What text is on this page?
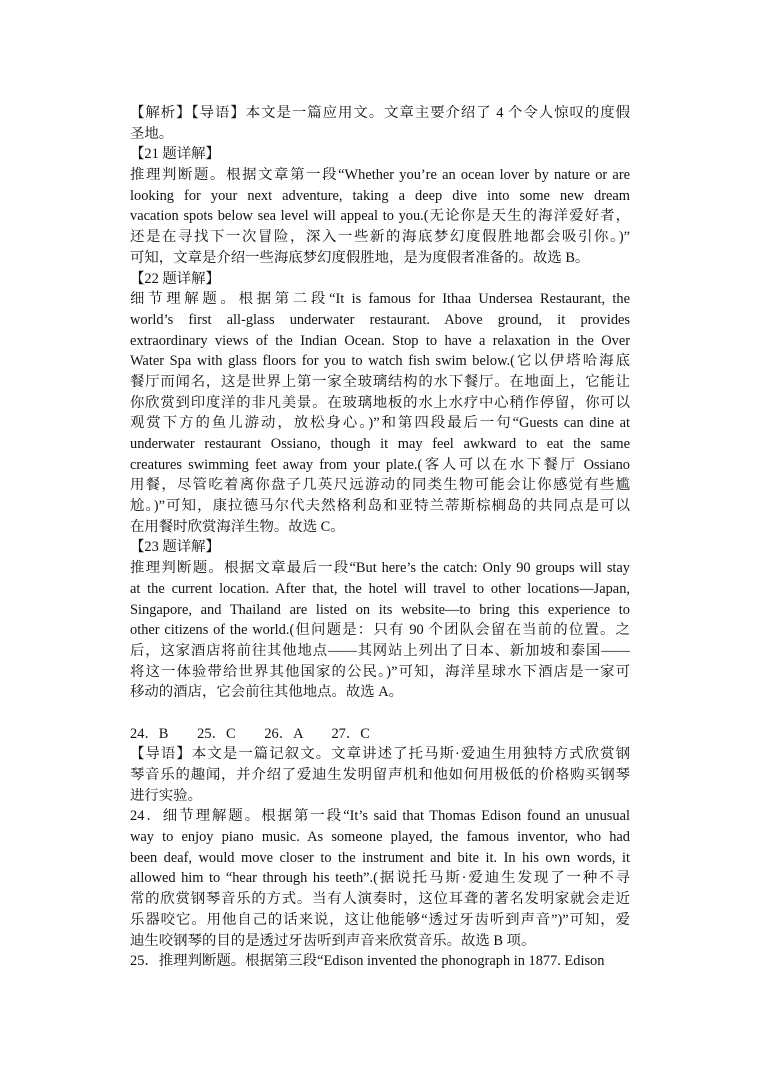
【解析】【导语】本文是一篇应用文。文章主要介绍了 4 个令人惊叹的度假
圣地。
【21 题详解】
推理判断题。根据文章第一段“Whether you’re an ocean lover by nature or are
looking for your next adventure, taking a deep dive into some new dream
vacation spots below sea level will appeal to you.(无论你是天生的海洋爱好者，
还是在寻找下一次冒险，深入一些新的海底梦幻度假胜地都会吸引你。)”
可知，文章是介绍一些海底梦幻度假胜地，是为度假者准备的。故选 B。
【22 题详解】
细节理解题。根据第二段“It is famous for Ithaa Undersea Restaurant, the
world’s first all-glass underwater restaurant. Above ground, it provides
extraordinary views of the Indian Ocean. Stop to have a relaxation in the Over
Water Spa with glass floors for you to watch fish swim below.(它以伊塔哈海底
餐厅而闻名，这是世界上第一家全玻璃结构的水下餐厅。在地面上，它能让
你欣赏到印度洋的非凡美景。在玻璃地板的水上水疗中心稍作停留，你可以
观赏下方的鱼儿游动，放松身心。)”和第四段最后一句“Guests can dine at
underwater restaurant Ossiano, though it may feel awkward to eat the same
creatures swimming feet away from your plate.(客人可以在水下餐厅 Ossiano
用餐，尽管吃着离你盘子几英尺远游动的同类生物可能会让你感觉有些尴
尬。)”可知，康拉德马尔代夫然格利岛和亚特兰蒂斯棕榈岛的共同点是可以
在用餐时欣赏海洋生物。故选 C。
【23 题详解】
推理判断题。根据文章最后一段“But here’s the catch: Only 90 groups will stay
at the current location. After that, the hotel will travel to other locations—Japan,
Singapore, and Thailand are listed on its website—to bring this experience to
other citizens of the world.(但问题是：只有 90 个团队会留在当前的位置。之
后，这家酒店将前往其他地点——其网站上列出了日本、新加坡和泰国——
将这一体验带给世界其他国家的公民。)”可知，海洋星球水下酒店是一家可
移动的酒店，它会前往其他地点。故选 A。
24．B　　25．C　　26．A　　27．C
【导语】本文是一篇记叙文。文章讲述了托马斯·爱迪生用独特方式欣赏钢
琴音乐的趣闻，并介绍了爱迪生发明留声机和他如何用极低的价格购买钢琴
进行实验。
24．细节理解题。根据第一段“It’s said that Thomas Edison found an unusual
way to enjoy piano music. As someone played, the famous inventor, who had
been deaf, would move closer to the instrument and bite it. In his own words, it
allowed him to “hear through his teeth”.(据说托马斯·爱迪生发现了一种不寻
常的欣赏钢琴音乐的方式。当有人演奏时，这位耳聋的著名发明家就会走近
乐器咬它。用他自己的话来说，这让他能够“透过牙齿听到声音”)”可知，爱
迪生咬钢琴的目的是透过牙齿听到声音来欣赏音乐。故选 B 项。
25．推理判断题。根据第三段“Edison invented the phonograph in 1877. Edison
